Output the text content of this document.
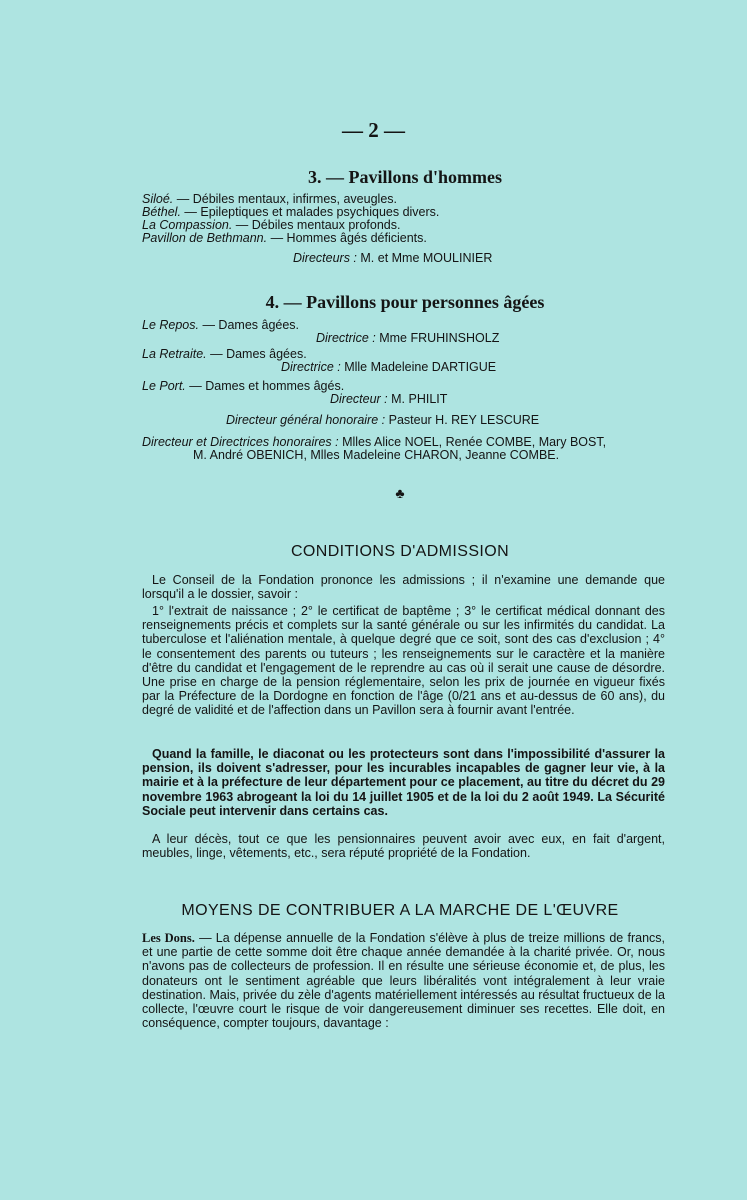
— 2 —
3. — Pavillons d'hommes
Siloé. — Débiles mentaux, infirmes, aveugles.
Béthel. — Epileptiques et malades psychiques divers.
La Compassion. — Débiles mentaux profonds.
Pavillon de Bethmann. — Hommes âgés déficients.
Directeurs : M. et Mme MOULINIER
4. — Pavillons pour personnes âgées
Le Repos. — Dames âgées.
Directrice : Mme FRUHINSHOLZ
La Retraite. — Dames âgées.
Directrice : Mlle Madeleine DARTIGUE
Le Port. — Dames et hommes âgés.
Directeur : M. PHILIT
Directeur général honoraire : Pasteur H. REY LESCURE
Directeur et Directrices honoraires : Mlles Alice NOEL, Renée COMBE, Mary BOST,
M. André OBENICH, Mlles Madeleine CHARON, Jeanne COMBE.
♣
CONDITIONS D'ADMISSION
Le Conseil de la Fondation prononce les admissions ; il n'examine une demande que lorsqu'il a le dossier, savoir :
1° l'extrait de naissance ; 2° le certificat de baptême ; 3° le certificat médical donnant des renseignements précis et complets sur la santé générale ou sur les infirmités du candidat. La tuberculose et l'aliénation mentale, à quelque degré que ce soit, sont des cas d'exclusion ; 4° le consentement des parents ou tuteurs ; les renseignements sur le caractère et la manière d'être du candidat et l'engagement de le reprendre au cas où il serait une cause de désordre. Une prise en charge de la pension réglementaire, selon les prix de journée en vigueur fixés par la Préfecture de la Dordogne en fonction de l'âge (0/21 ans et au-dessus de 60 ans), du degré de validité et de l'affection dans un Pavillon sera à fournir avant l'entrée.
Quand la famille, le diaconat ou les protecteurs sont dans l'impossibilité d'assurer la pension, ils doivent s'adresser, pour les incurables incapables de gagner leur vie, à la mairie et à la préfecture de leur département pour ce placement, au titre du décret du 29 novembre 1963 abrogeant la loi du 14 juillet 1905 et de la loi du 2 août 1949. La Sécurité Sociale peut intervenir dans certains cas.
A leur décès, tout ce que les pensionnaires peuvent avoir avec eux, en fait d'argent, meubles, linge, vêtements, etc., sera réputé propriété de la Fondation.
MOYENS DE CONTRIBUER A LA MARCHE DE L'ŒUVRE
Les Dons. — La dépense annuelle de la Fondation s'élève à plus de treize millions de francs, et une partie de cette somme doit être chaque année demandée à la charité privée. Or, nous n'avons pas de collecteurs de profession. Il en résulte une sérieuse économie et, de plus, les donateurs ont le sentiment agréable que leurs libéralités vont intégralement à leur vraie destination. Mais, privée du zèle d'agents matériellement intéressés au résultat fructueux de la collecte, l'œuvre court le risque de voir dangereusement diminuer ses recettes. Elle doit, en conséquence, compter toujours, davantage :
